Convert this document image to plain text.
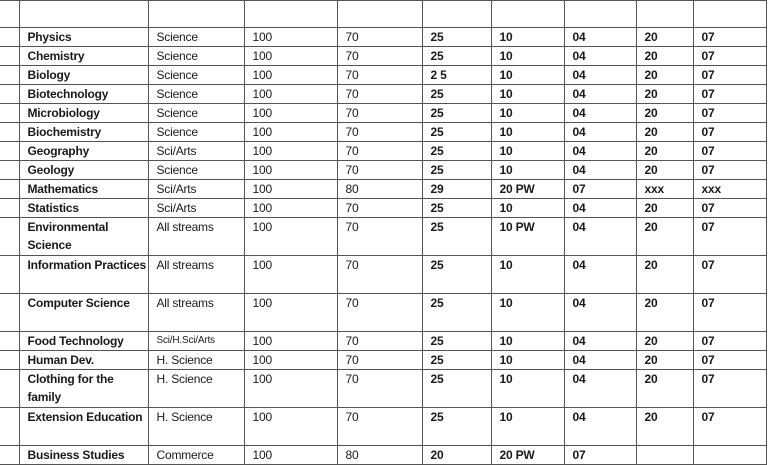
	Physics	Science	100	70	25	10	04	20	07
	Chemistry	Science	100	70	25	10	04	20	07
	Biology	Science	100	70	2 5	10	04	20	07
	Biotechnology	Science	100	70	25	10	04	20	07
	Microbiology	Science	100	70	25	10	04	20	07
	Biochemistry	Science	100	70	25	10	04	20	07
	Geography	Sci/Arts	100	70	25	10	04	20	07
	Geology	Science	100	70	25	10	04	20	07
	Mathematics	Sci/Arts	100	80	29	20 PW	07	xxx	xxx
	Statistics	Sci/Arts	100	70	25	10	04	20	07
	Environmental Science	All streams	100	70	25	10 PW	04	20	07
	Information Practices	All streams	100	70	25	10	04	20	07
	Computer Science	All streams	100	70	25	10	04	20	07
	Food Technology	Sci/H.Sci/Arts	100	70	25	10	04	20	07
	Human Dev.	H. Science	100	70	25	10	04	20	07
	Clothing for the family	H. Science	100	70	25	10	04	20	07
	Extension Education	H. Science	100	70	25	10	04	20	07
	Business Studies	Commerce	100	80	20	20 PW	07		
